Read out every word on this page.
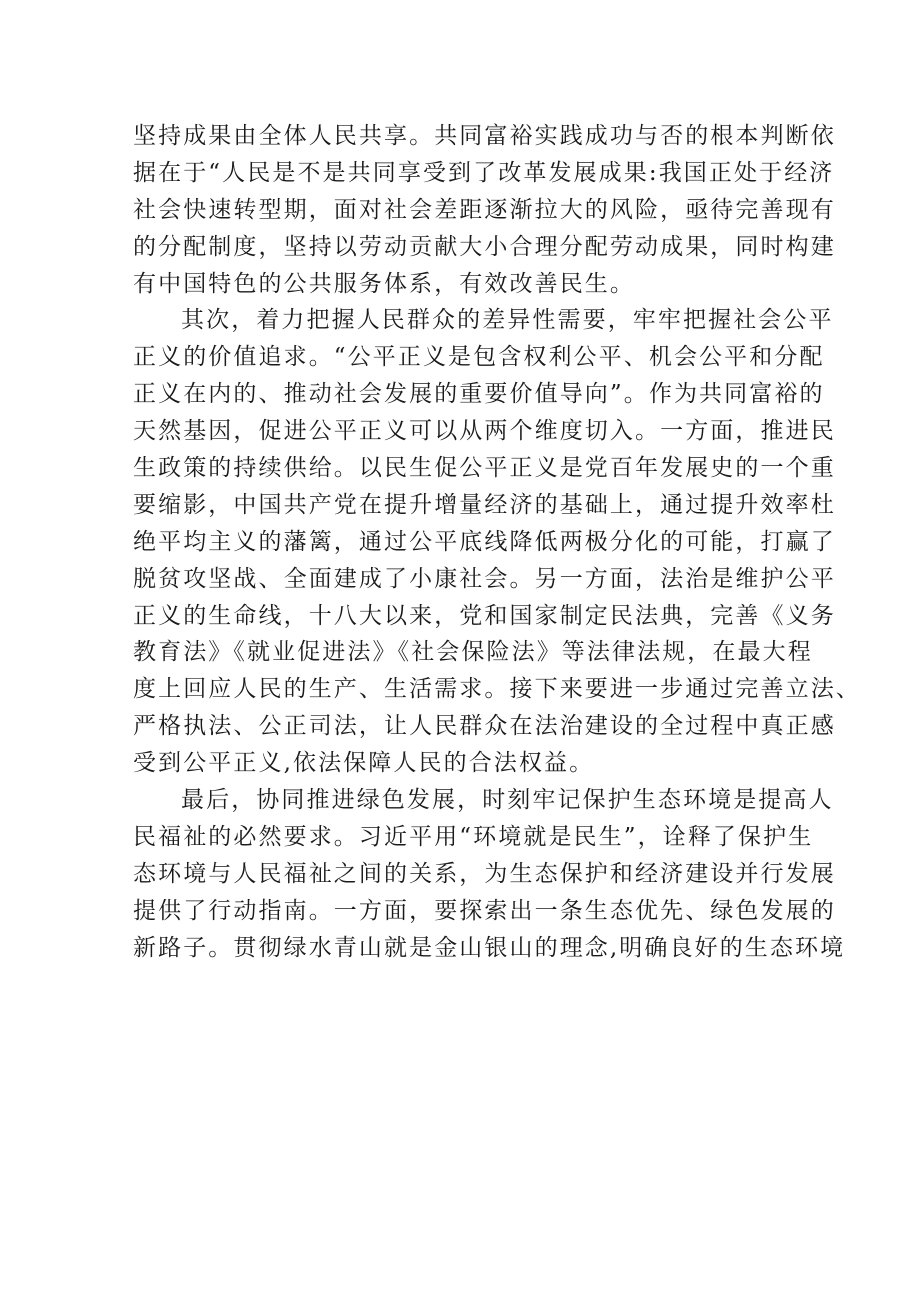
坚持成果由全体人民共享。共同富裕实践成功与否的根本判断依
据在于“人民是不是共同享受到了改革发展成果:我国正处于经济
社会快速转型期，面对社会差距逐渐拉大的风险，亟待完善现有
的分配制度，坚持以劳动贡献大小合理分配劳动成果，同时构建
有中国特色的公共服务体系，有效改善民生。
其次，着力把握人民群众的差异性需要，牢牢把握社会公平
正义的价值追求。“公平正义是包含权利公平、机会公平和分配
正义在内的、推动社会发展的重要价值导向”。作为共同富裕的
天然基因，促进公平正义可以从两个维度切入。一方面，推进民
生政策的持续供给。以民生促公平正义是党百年发展史的一个重
要缩影，中国共产党在提升增量经济的基础上，通过提升效率杜
绝平均主义的藩篱，通过公平底线降低两极分化的可能，打赢了
脱贫攻坚战、全面建成了小康社会。另一方面，法治是维护公平
正义的生命线，十八大以来，党和国家制定民法典，完善《义务
教育法》《就业促进法》《社会保险法》等法律法规，在最大程
度上回应人民的生产、生活需求。接下来要进一步通过完善立法、
严格执法、公正司法，让人民群众在法治建设的全过程中真正感
受到公平正义,依法保障人民的合法权益。
最后，协同推进绿色发展，时刻牢记保护生态环境是提高人
民福祉的必然要求。习近平用“环境就是民生”，诠释了保护生
态环境与人民福祉之间的关系，为生态保护和经济建设并行发展
提供了行动指南。一方面，要探索出一条生态优先、绿色发展的
新路子。贯彻绿水青山就是金山银山的理念,明确良好的生态环境
